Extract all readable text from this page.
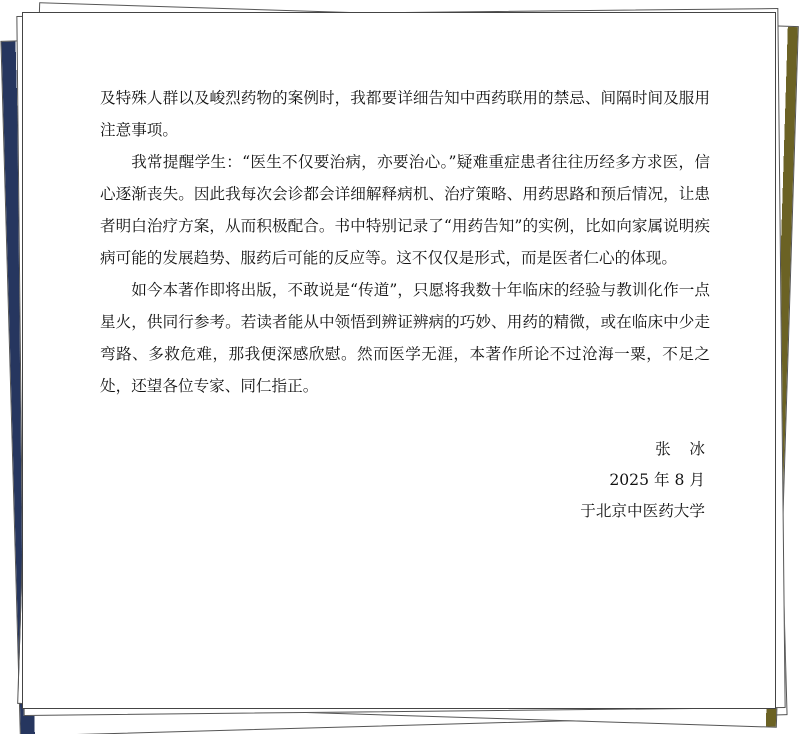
及特殊人群以及峻烈药物的案例时，我都要详细告知中西药联用的禁忌、间隔时间及服用注意事项。

我常提醒学生：“医生不仅要治病，亦要治心。”疑难重症患者往往历经多方求医，信心逐渐丧失。因此我每次会诊都会详细解释病机、治疗策略、用药思路和预后情况，让患者明白治疗方案，从而积极配合。书中特别记录了“用药告知”的实例，比如向家属说明疾病可能的发展趋势、服药后可能的反应等。这不仅仅是形式，而是医者仁心的体现。

如今本著作即将出版，不敢说是“传道”，只愿将我数十年临床的经验与教训化作一点星火，供同行参考。若读者能从中领悟到辨证辨病的巧妙、用药的精微，或在临床中少走弯路、多救危难，那我便深感欣慰。然而医学无涯，本著作所论不过沧海一粟，不足之处，还望各位专家、同仁指正。

张冰
2025 年 8 月
于北京中医药大学
